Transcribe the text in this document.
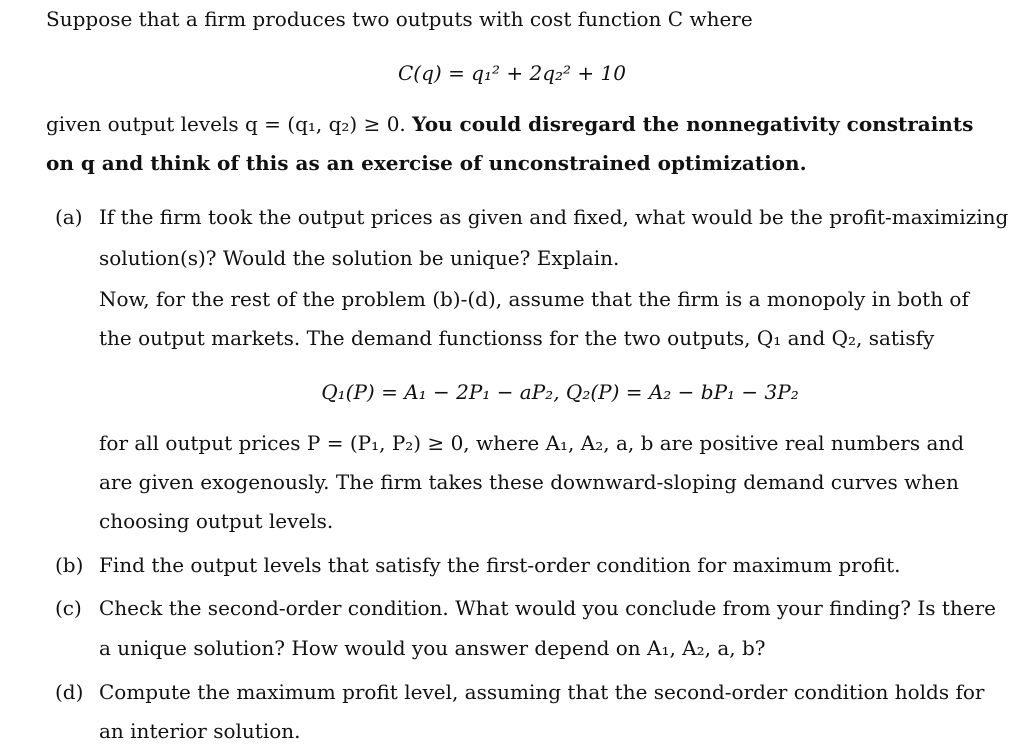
Suppose that a firm produces two outputs with cost function C where
C(q) = q₁² + 2q₂² + 10
given output levels q = (q₁, q₂) ≥ 0. You could disregard the nonnegativity constraints
on q and think of this as an exercise of unconstrained optimization.
(a) If the firm took the output prices as given and fixed, what would be the profit-maximizing
solution(s)? Would the solution be unique? Explain.
Now, for the rest of the problem (b)-(d), assume that the firm is a monopoly in both of
the output markets. The demand functionss for the two outputs, Q₁ and Q₂, satisfy
Q₁(P) = A₁ − 2P₁ − aP₂, Q₂(P) = A₂ − bP₁ − 3P₂
for all output prices P = (P₁, P₂) ≥ 0, where A₁, A₂, a, b are positive real numbers and
are given exogenously. The firm takes these downward-sloping demand curves when
choosing output levels.
(b) Find the output levels that satisfy the first-order condition for maximum profit.
(c) Check the second-order condition. What would you conclude from your finding? Is there
a unique solution? How would you answer depend on A₁, A₂, a, b?
(d) Compute the maximum profit level, assuming that the second-order condition holds for
an interior solution.
